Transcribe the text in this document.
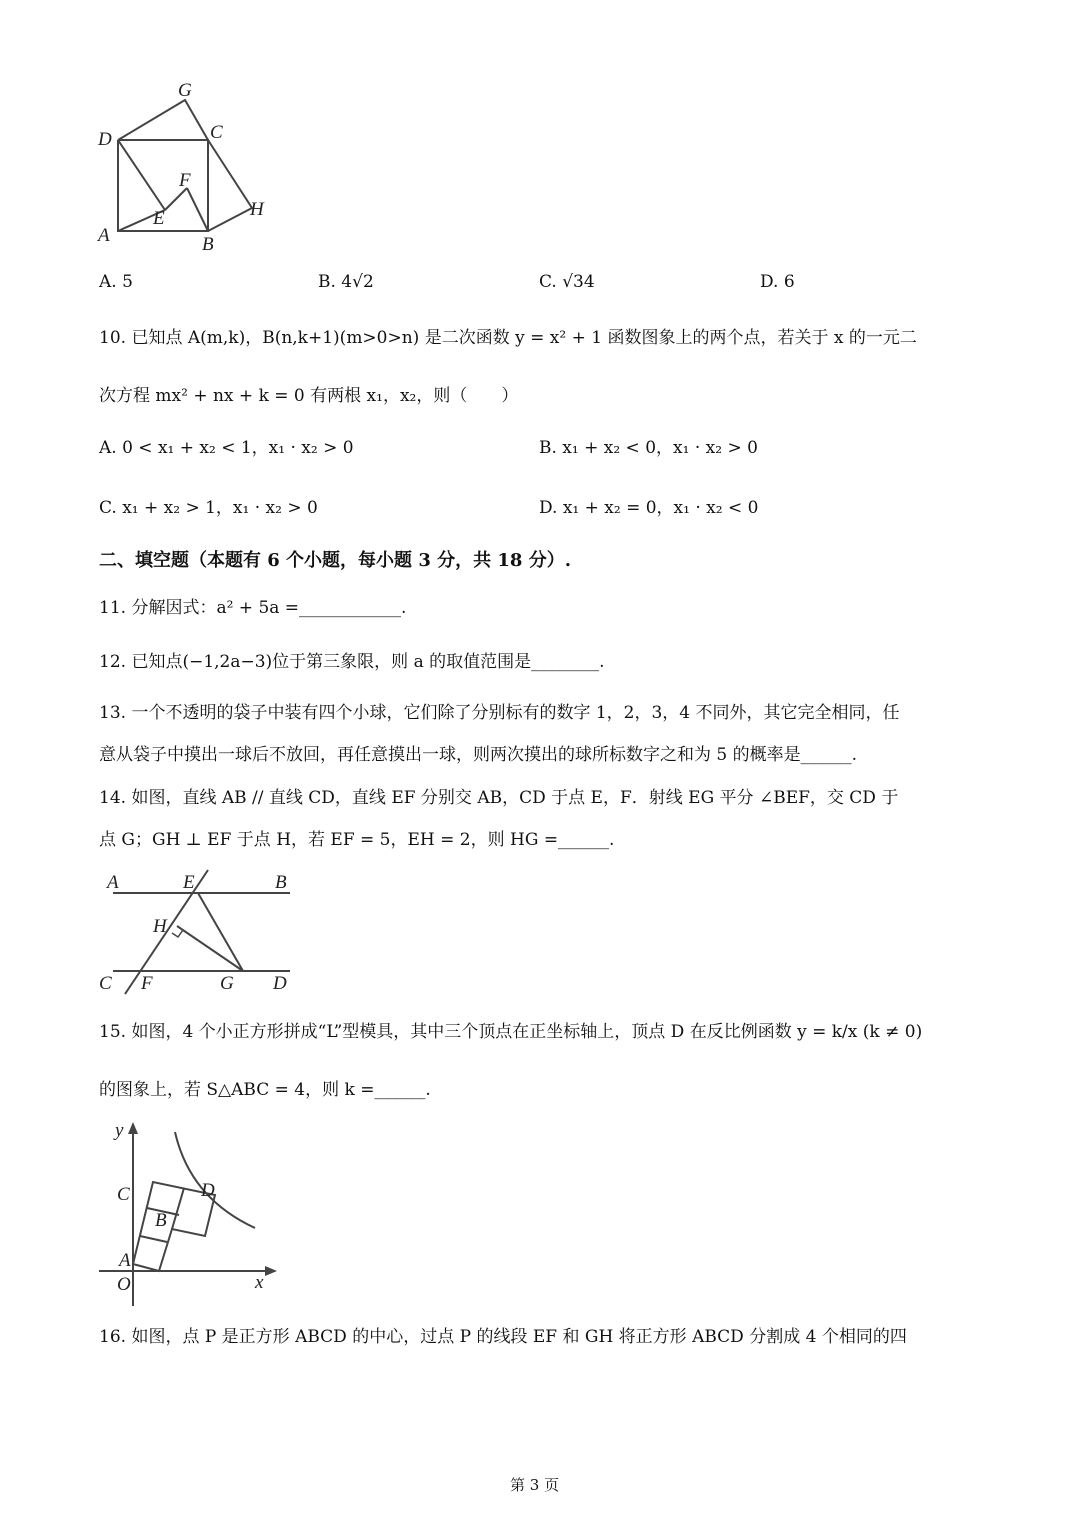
G
D	C
F
E	H
A	B
A. 5	B. 4√2	C. √34	D. 6
10. 已知点 A(m,k)，B(n,k+1)(m>0>n) 是二次函数 y = x² + 1 函数图象上的两个点，若关于 x 的一元二
次方程 mx² + nx + k = 0 有两根 x₁，x₂，则（　　）
A. 0 < x₁ + x₂ < 1，x₁ · x₂ > 0	B. x₁ + x₂ < 0，x₁ · x₂ > 0
C. x₁ + x₂ > 1，x₁ · x₂ > 0	D. x₁ + x₂ = 0，x₁ · x₂ < 0
二、填空题（本题有 6 个小题，每小题 3 分，共 18 分）.
11. 分解因式：a² + 5a =____________.
12. 已知点(−1,2a−3)位于第三象限，则 a 的取值范围是________.
13. 一个不透明的袋子中装有四个小球，它们除了分别标有的数字 1，2，3，4 不同外，其它完全相同，任
意从袋子中摸出一球后不放回，再任意摸出一球，则两次摸出的球所标数字之和为 5 的概率是______.
14. 如图，直线 AB // 直线 CD，直线 EF 分别交 AB，CD 于点 E，F．射线 EG 平分 ∠BEF，交 CD 于
点 G；GH ⊥ EF 于点 H，若 EF = 5，EH = 2，则 HG =______.
A	E	B
H
C F	G D
15. 如图，4 个小正方形拼成“L”型模具，其中三个顶点在正坐标轴上，顶点 D 在反比例函数 y = k/x (k ≠ 0)
的图象上，若 S△ABC = 4，则 k =______.
y
C	D
B
A
O	x
16. 如图，点 P 是正方形 ABCD 的中心，过点 P 的线段 EF 和 GH 将正方形 ABCD 分割成 4 个相同的四
第 3 页
